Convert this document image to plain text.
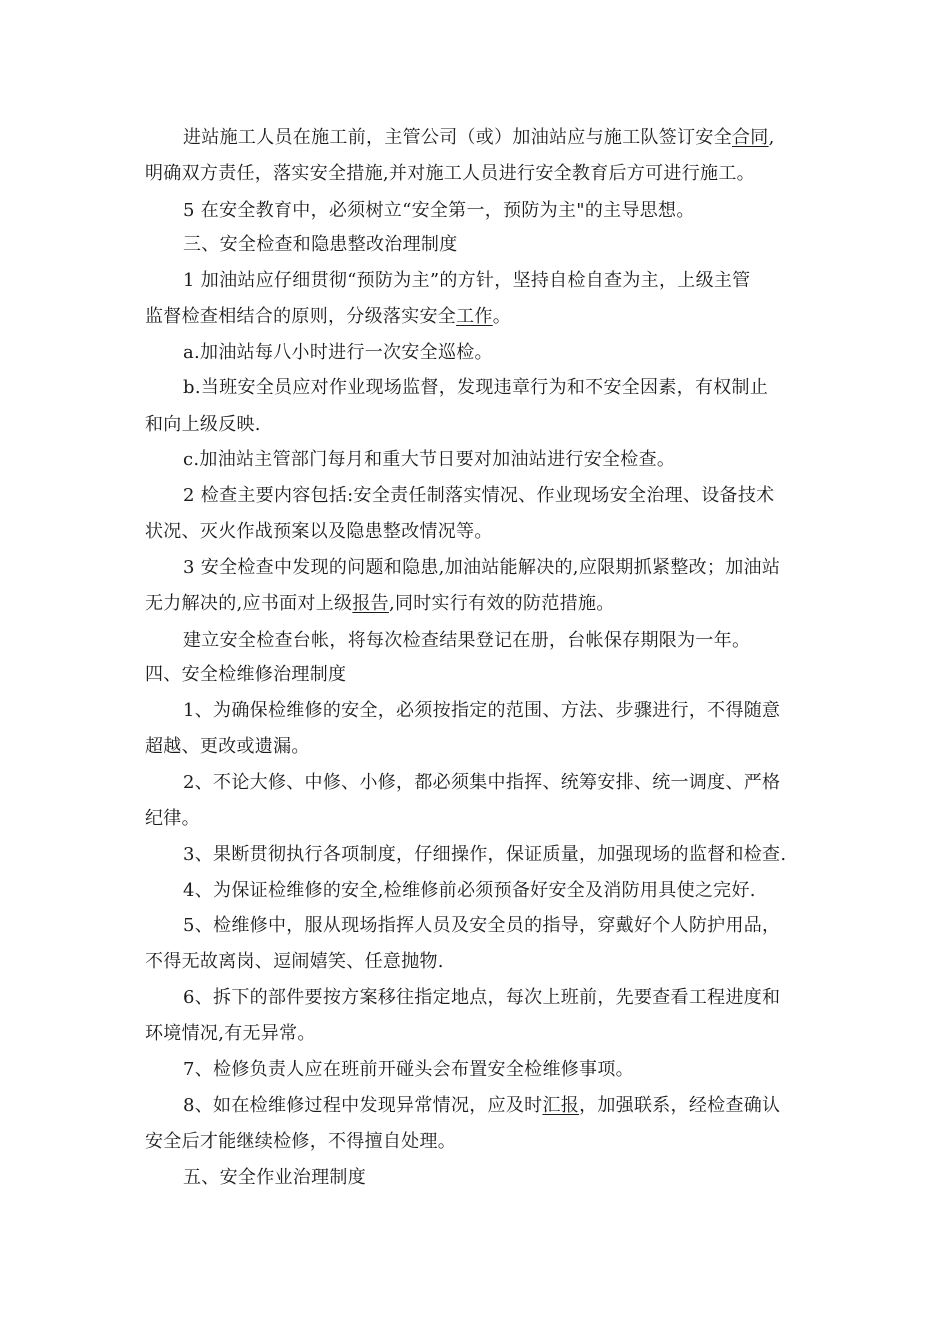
进站施工人员在施工前，主管公司（或）加油站应与施工队签订安全合同,
明确双方责任，落实安全措施,并对施工人员进行安全教育后方可进行施工。
5 在安全教育中，必须树立“安全第一，预防为主"的主导思想。
三、安全检查和隐患整改治理制度
1 加油站应仔细贯彻“预防为主”的方针，坚持自检自查为主，上级主管
监督检查相结合的原则，分级落实安全工作。
a.加油站每八小时进行一次安全巡检。
b.当班安全员应对作业现场监督，发现违章行为和不安全因素，有权制止
和向上级反映.
c.加油站主管部门每月和重大节日要对加油站进行安全检查。
2 检查主要内容包括:安全责任制落实情况、作业现场安全治理、设备技术
状况、灭火作战预案以及隐患整改情况等。
3 安全检查中发现的问题和隐患,加油站能解决的,应限期抓紧整改；加油站
无力解决的,应书面对上级报告,同时实行有效的防范措施。
建立安全检查台帐，将每次检查结果登记在册，台帐保存期限为一年。
四、安全检维修治理制度
1、为确保检维修的安全，必须按指定的范围、方法、步骤进行，不得随意
超越、更改或遗漏。
2、不论大修、中修、小修，都必须集中指挥、统筹安排、统一调度、严格
纪律。
3、果断贯彻执行各项制度，仔细操作，保证质量，加强现场的监督和检查.
4、为保证检维修的安全,检维修前必须预备好安全及消防用具使之完好.
5、检维修中，服从现场指挥人员及安全员的指导，穿戴好个人防护用品，
不得无故离岗、逗闹嬉笑、任意抛物.
6、拆下的部件要按方案移往指定地点，每次上班前，先要查看工程进度和
环境情况,有无异常。
7、检修负责人应在班前开碰头会布置安全检维修事项。
8、如在检维修过程中发现异常情况，应及时汇报，加强联系，经检查确认
安全后才能继续检修，不得擅自处理。
五、安全作业治理制度
